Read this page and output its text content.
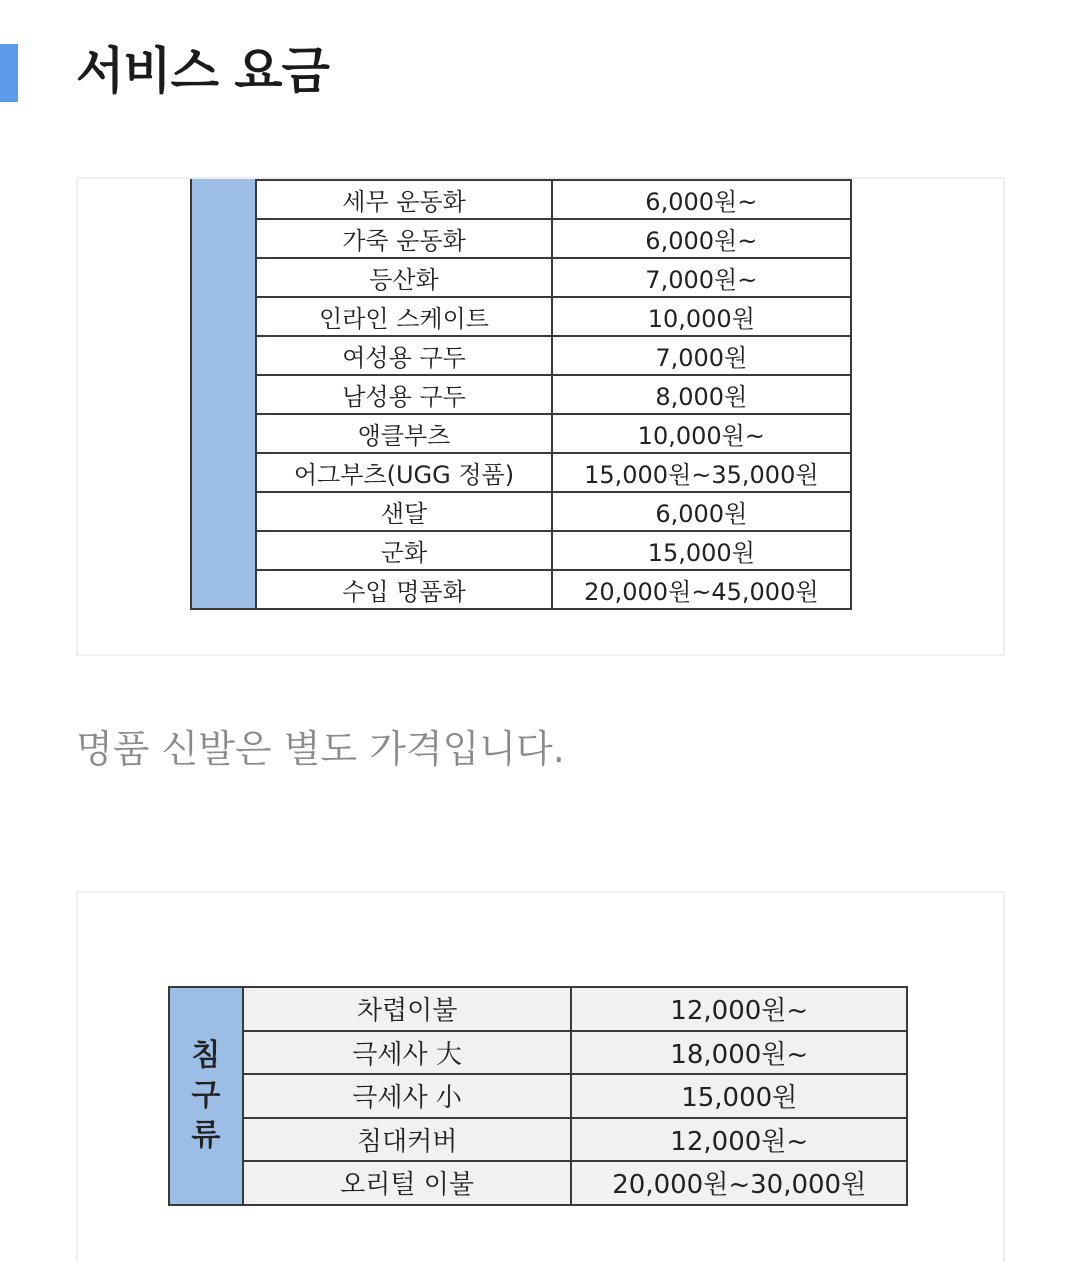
서비스 요금

	세무 운동화	6,000원~
	가죽 운동화	6,000원~
	등산화	7,000원~
	인라인 스케이트	10,000원
	여성용 구두	7,000원
	남성용 구두	8,000원
	앵클부츠	10,000원~
	어그부츠(UGG 정품)	15,000원~35,000원
	샌달	6,000원
	군화	15,000원
	수입 명품화	20,000원~45,000원

명품 신발은 별도 가격입니다.

침
구
류	차렵이불	12,000원~
	극세사 大	18,000원~
	극세사 小	15,000원
	침대커버	12,000원~
	오리털 이불	20,000원~30,000원
